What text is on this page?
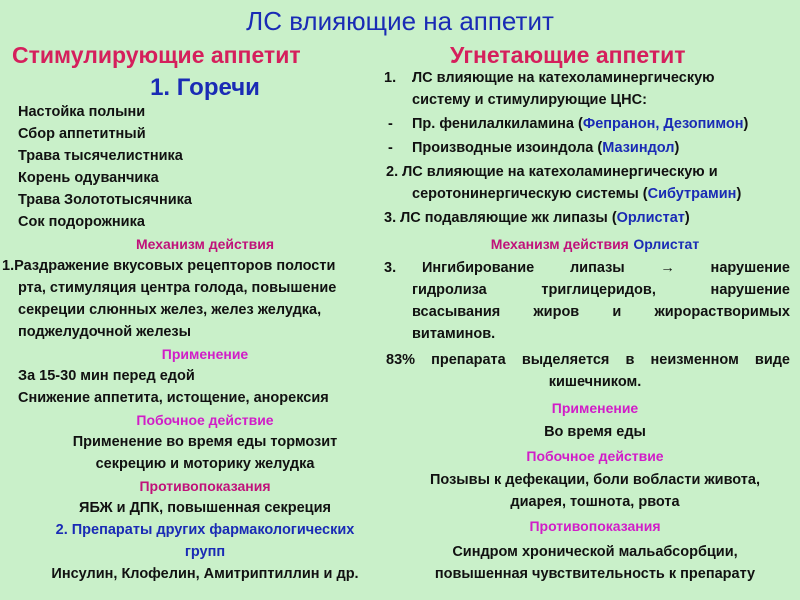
ЛС влияющие на аппетит
Стимулирующие аппетит
1. Горечи
Настойка полыни
Сбор аппетитный
Трава тысячелистника
Корень одуванчика
Трава Золототысячника
Сок подорожника
Механизм действия
1.Раздражение вкусовых рецепторов полости
рта, стимуляция центра голода, повышение
секреции слюнных желез, желез желудка,
поджелудочной железы
Применение
За 15-30 мин перед едой
Снижение аппетита, истощение, анорексия
Побочное действие
Применение во время еды тормозит
секрецию и моторику желудка
Противопоказания
ЯБЖ и ДПК, повышенная секреция
2. Препараты других фармакологических
групп
Инсулин, Клофелин, Амитриптиллин и др.
Угнетающие аппетит
1. ЛС влияющие на катехоламинергическую
систему и стимулирующие ЦНС:
- Пр. фенилалкиламина (Фепранон, Дезопимон)
- Производные изоиндола (Мазиндол)
2. ЛС влияющие на катехоламинергическую и
серотонинергическую системы (Сибутрамин)
3. ЛС подавляющие жк липазы (Орлистат)
Механизм действия Орлистат
3. Ингибирование липазы → нарушение
гидролиза триглицеридов, нарушение
всасывания жиров и жирорастворимых
витаминов.
83% препарата выделяется в неизменном виде
кишечником.
Применение
Во время еды
Побочное действие
Позывы к дефекации, боли вобласти живота,
диарея, тошнота, рвота
Противопоказания
Синдром хронической мальабсорбции,
повышенная чувствительность к препарату
